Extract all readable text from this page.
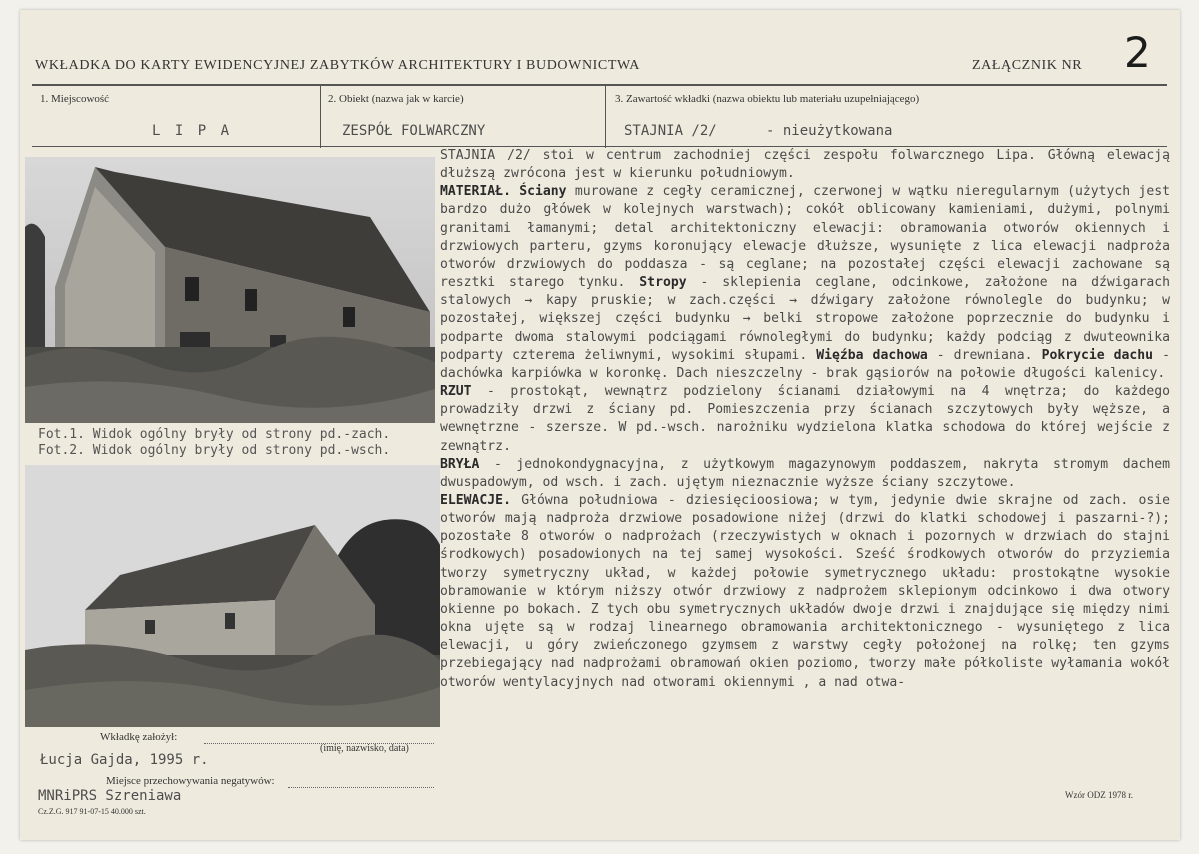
WKŁADKA DO KARTY EWIDENCYJNEJ ZABYTKÓW ARCHITEKTURY I BUDOWNICTWA	ZAŁĄCZNIK NR 2
1. Miejscowość
L I P A
2. Obiekt (nazwa jak w karcie)
ZESPÓŁ FOLWARCZNY
3. Zawartość wkładki (nazwa obiektu lub materiału uzupełniającego)
STAJNIA /2/	- nieużytkowana
Fot.1. Widok ogólny bryły od strony pd.-zach.
Fot.2. Widok ogólny bryły od strony pd.-wsch.
Wkładkę założył:
(imię, nazwisko, data)
Łucja Gajda, 1995 r.
Miejsce przechowywania negatywów:
MNRiPRS Szreniawa
Cz.Z.G. 917 91-07-15 40.000 szt.
Wzór ODZ 1978 r.

STAJNIA /2/ stoi w centrum zachodniej części zespołu folwarcznego Lipa. Główną elewacją dłuższą zwrócona jest w kierunku południowym.
MATERIAŁ. Ściany murowane z cegły ceramicznej, czerwonej w wątku nieregularnym (użytych jest bardzo dużo główek w kolejnych warstwach); cokół oblicowany kamieniami, dużymi, polnymi granitami łamanymi; detal architektoniczny elewacji: obramowania otworów okiennych i drzwiowych parteru, gzyms koronujący elewacje dłuższe, wysunięte z lica elewacji nadproża otworów drzwiowych do poddasza - są ceglane; na pozostałej części elewacji zachowane są resztki starego tynku. Stropy - sklepienia ceglane, odcinkowe, założone na dźwigarach stalowych → kapy pruskie; w zach.części → dźwigary założone równolegle do budynku; w pozostałej, większej części budynku → belki stropowe założone poprzecznie do budynku i podparte dwoma stalowymi podciągami równoległymi do budynku; każdy podciąg z dwuteownika podparty czterema żeliwnymi, wysokimi słupami. Więźba dachowa - drewniana. Pokrycie dachu - dachówka karpiówka w koronkę. Dach nieszczelny - brak gąsiorów na połowie długości kalenicy.

RZUT - prostokąt, wewnątrz podzielony ścianami działowymi na 4 wnętrza; do każdego prowadziły drzwi z ściany pd. Pomieszczenia przy ścianach szczytowych były węższe, a wewnętrzne - szersze. W pd.-wsch. narożniku wydzielona klatka schodowa do której wejście z zewnątrz.
BRYŁA - jednokondygnacyjna, z użytkowym magazynowym poddaszem, nakryta stromym dachem dwuspadowym, od wsch. i zach. ujętym nieznacznie wyższe ściany szczytowe.
ELEWACJE. Główna południowa - dziesięcioosiowa; w tym, jedynie dwie skrajne od zach. osie otworów mają nadproża drzwiowe posadowione niżej (drzwi do klatki schodowej i paszarni-?); pozostałe 8 otworów o nadprożach (rzeczywistych w oknach i pozornych w drzwiach do stajni środkowych) posadowionych na tej samej wysokości. Sześć środkowych otworów do przyziemia tworzy symetryczny układ, w każdej połowie symetrycznego układu: prostokątne wysokie obramowanie w którym niższy otwór drzwiowy z nadprożem sklepionym odcinkowo i dwa otwory okienne po bokach. Z tych obu symetrycznych układów dwoje drzwi i znajdujące się między nimi okna ujęte są w rodzaj linearnego obramowania architektonicznego - wysuniętego z lica elewacji, u góry zwieńczonego gzymsem z warstwy cegły położonej na rolkę; ten gzyms przebiegający nad nadprożami obramowań okien poziomo, tworzy małe półkoliste wyłamania wokół otworów wentylacyjnych nad otworami okiennymi , a nad otwa-
